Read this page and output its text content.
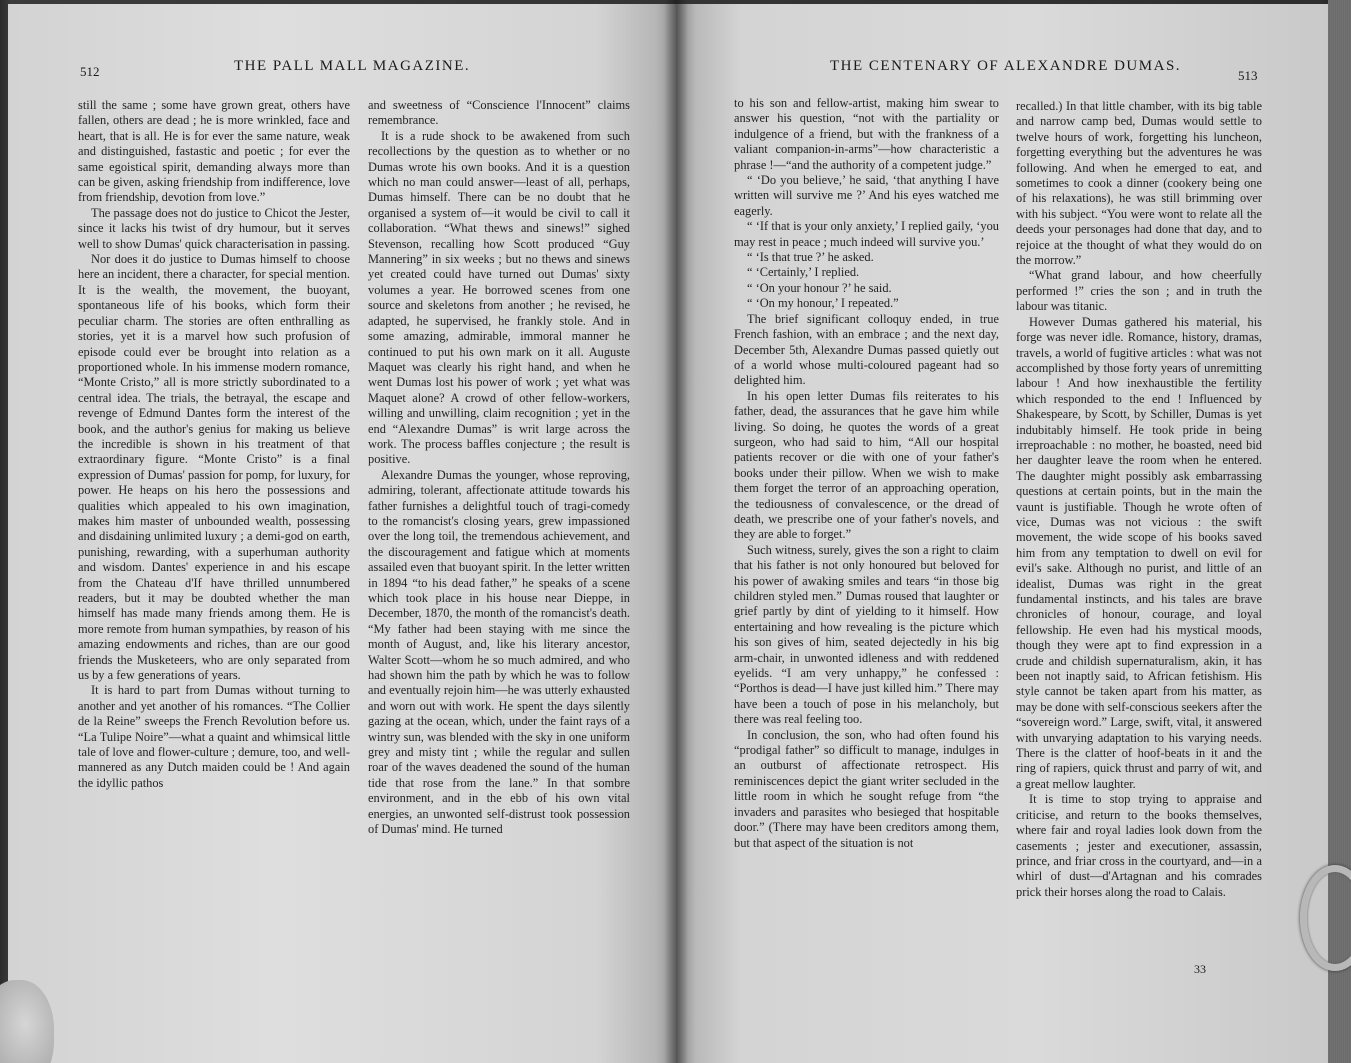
512	THE PALL MALL MAGAZINE.

still the same ; some have grown great, others have fallen, others are dead ; he is more wrinkled, face and heart, that is all. He is for ever the same nature, weak and distinguished, fastastic and poetic ; for ever the same egoistical spirit, demanding always more than can be given, asking friendship from indifference, love from friendship, devotion from love.”

The passage does not do justice to Chicot the Jester, since it lacks his twist of dry humour, but it serves well to show Dumas' quick characterisation in passing.

Nor does it do justice to Dumas himself to choose here an incident, there a character, for special mention. It is the wealth, the movement, the buoyant, spontaneous life of his books, which form their peculiar charm. The stories are often enthralling as stories, yet it is a marvel how such profusion of episode could ever be brought into relation as a proportioned whole. In his immense modern romance, “Monte Cristo,” all is more strictly subordinated to a central idea. The trials, the betrayal, the escape and revenge of Edmund Dantes form the interest of the book, and the author's genius for making us believe the incredible is shown in his treatment of that extraordinary figure. “Monte Cristo” is a final expression of Dumas' passion for pomp, for luxury, for power. He heaps on his hero the possessions and qualities which appealed to his own imagination, makes him master of unbounded wealth, possessing and disdaining unlimited luxury ; a demi-god on earth, punishing, rewarding, with a superhuman authority and wisdom. Dantes' experience in and his escape from the Chateau d'If have thrilled unnumbered readers, but it may be doubted whether the man himself has made many friends among them. He is more remote from human sympathies, by reason of his amazing endowments and riches, than are our good friends the Musketeers, who are only separated from us by a few generations of years.

It is hard to part from Dumas without turning to another and yet another of his romances. “The Collier de la Reine” sweeps the French Revolution before us. “La Tulipe Noire”—what a quaint and whimsical little tale of love and flower-culture ; demure, too, and well-mannered as any Dutch maiden could be ! And again the idyllic pathos

and sweetness of “Conscience l'Innocent” claims remembrance.

It is a rude shock to be awakened from such recollections by the question as to whether or no Dumas wrote his own books. And it is a question which no man could answer—least of all, perhaps, Dumas himself. There can be no doubt that he organised a system of—it would be civil to call it collaboration. “What thews and sinews!” sighed Stevenson, recalling how Scott produced “Guy Mannering” in six weeks ; but no thews and sinews yet created could have turned out Dumas' sixty volumes a year. He borrowed scenes from one source and skeletons from another ; he revised, he adapted, he supervised, he frankly stole. And in some amazing, admirable, immoral manner he continued to put his own mark on it all. Auguste Maquet was clearly his right hand, and when he went Dumas lost his power of work ; yet what was Maquet alone? A crowd of other fellow-workers, willing and unwilling, claim recognition ; yet in the end “Alexandre Dumas” is writ large across the work. The process baffles conjecture ; the result is positive.

Alexandre Dumas the younger, whose reproving, admiring, tolerant, affectionate attitude towards his father furnishes a delightful touch of tragi-comedy to the romancist's closing years, grew impassioned over the long toil, the tremendous achievement, and the discouragement and fatigue which at moments assailed even that buoyant spirit. In the letter written in 1894 “to his dead father,” he speaks of a scene which took place in his house near Dieppe, in December, 1870, the month of the romancist's death. “My father had been staying with me since the month of August, and, like his literary ancestor, Walter Scott—whom he so much admired, and who had shown him the path by which he was to follow and eventually rejoin him—he was utterly exhausted and worn out with work. He spent the days silently gazing at the ocean, which, under the faint rays of a wintry sun, was blended with the sky in one uniform grey and misty tint ; while the regular and sullen roar of the waves deadened the sound of the human tide that rose from the lane.” In that sombre environment, and in the ebb of his own vital energies, an unwonted self-distrust took possession of Dumas' mind. He turned

THE CENTENARY OF ALEXANDRE DUMAS.
513

to his son and fellow-artist, making him swear to answer his question, “not with the partiality or indulgence of a friend, but with the frankness of a valiant companion-in-arms”—how characteristic a phrase !—“and the authority of a competent judge.”

“ ‘Do you believe,’ he said, ‘that anything I have written will survive me ?’ And his eyes watched me eagerly.

“ ‘If that is your only anxiety,’ I replied gaily, ‘you may rest in peace ; much indeed will survive you.’

“ ‘Is that true ?’ he asked.

“ ‘Certainly,’ I replied.

“ ‘On your honour ?’ he said.

“ ‘On my honour,’ I repeated.”

The brief significant colloquy ended, in true French fashion, with an embrace ; and the next day, December 5th, Alexandre Dumas passed quietly out of a world whose multi-coloured pageant had so delighted him.

In his open letter Dumas fils reiterates to his father, dead, the assurances that he gave him while living. So doing, he quotes the words of a great surgeon, who had said to him, “All our hospital patients recover or die with one of your father's books under their pillow. When we wish to make them forget the terror of an approaching operation, the tediousness of convalescence, or the dread of death, we prescribe one of your father's novels, and they are able to forget.”

Such witness, surely, gives the son a right to claim that his father is not only honoured but beloved for his power of awaking smiles and tears “in those big children styled men.” Dumas roused that laughter or grief partly by dint of yielding to it himself. How entertaining and how revealing is the picture which his son gives of him, seated dejectedly in his big arm-chair, in unwonted idleness and with reddened eyelids. “I am very unhappy,” he confessed : “Porthos is dead—I have just killed him.” There may have been a touch of pose in his melancholy, but there was real feeling too.

In conclusion, the son, who had often found his “prodigal father” so difficult to manage, indulges in an outburst of affectionate retrospect. His reminiscences depict the giant writer secluded in the little room in which he sought refuge from “the invaders and parasites who besieged that hospitable door.” (There may have been creditors among them, but that aspect of the situation is not

recalled.) In that little chamber, with its big table and narrow camp bed, Dumas would settle to twelve hours of work, forgetting his luncheon, forgetting everything but the adventures he was following. And when he emerged to eat, and sometimes to cook a dinner (cookery being one of his relaxations), he was still brimming over with his subject. “You were wont to relate all the deeds your personages had done that day, and to rejoice at the thought of what they would do on the morrow.”

“What grand labour, and how cheerfully performed !” cries the son ; and in truth the labour was titanic.

However Dumas gathered his material, his forge was never idle. Romance, history, dramas, travels, a world of fugitive articles : what was not accomplished by those forty years of unremitting labour ! And how inexhaustible the fertility which responded to the end ! Influenced by Shakespeare, by Scott, by Schiller, Dumas is yet indubitably himself. He took pride in being irreproachable : no mother, he boasted, need bid her daughter leave the room when he entered. The daughter might possibly ask embarrassing questions at certain points, but in the main the vaunt is justifiable. Though he wrote often of vice, Dumas was not vicious : the swift movement, the wide scope of his books saved him from any temptation to dwell on evil for evil's sake. Although no purist, and little of an idealist, Dumas was right in the great fundamental instincts, and his tales are brave chronicles of honour, courage, and loyal fellowship. He even had his mystical moods, though they were apt to find expression in a crude and childish supernaturalism, akin, it has been not inaptly said, to African fetishism. His style cannot be taken apart from his matter, as may be done with self-conscious seekers after the “sovereign word.” Large, swift, vital, it answered with unvarying adaptation to his varying needs. There is the clatter of hoof-beats in it and the ring of rapiers, quick thrust and parry of wit, and a great mellow laughter.

It is time to stop trying to appraise and criticise, and return to the books themselves, where fair and royal ladies look down from the casements ; jester and executioner, assassin, prince, and friar cross in the courtyard, and—in a whirl of dust—d'Artagnan and his comrades prick their horses along the road to Calais.

33
